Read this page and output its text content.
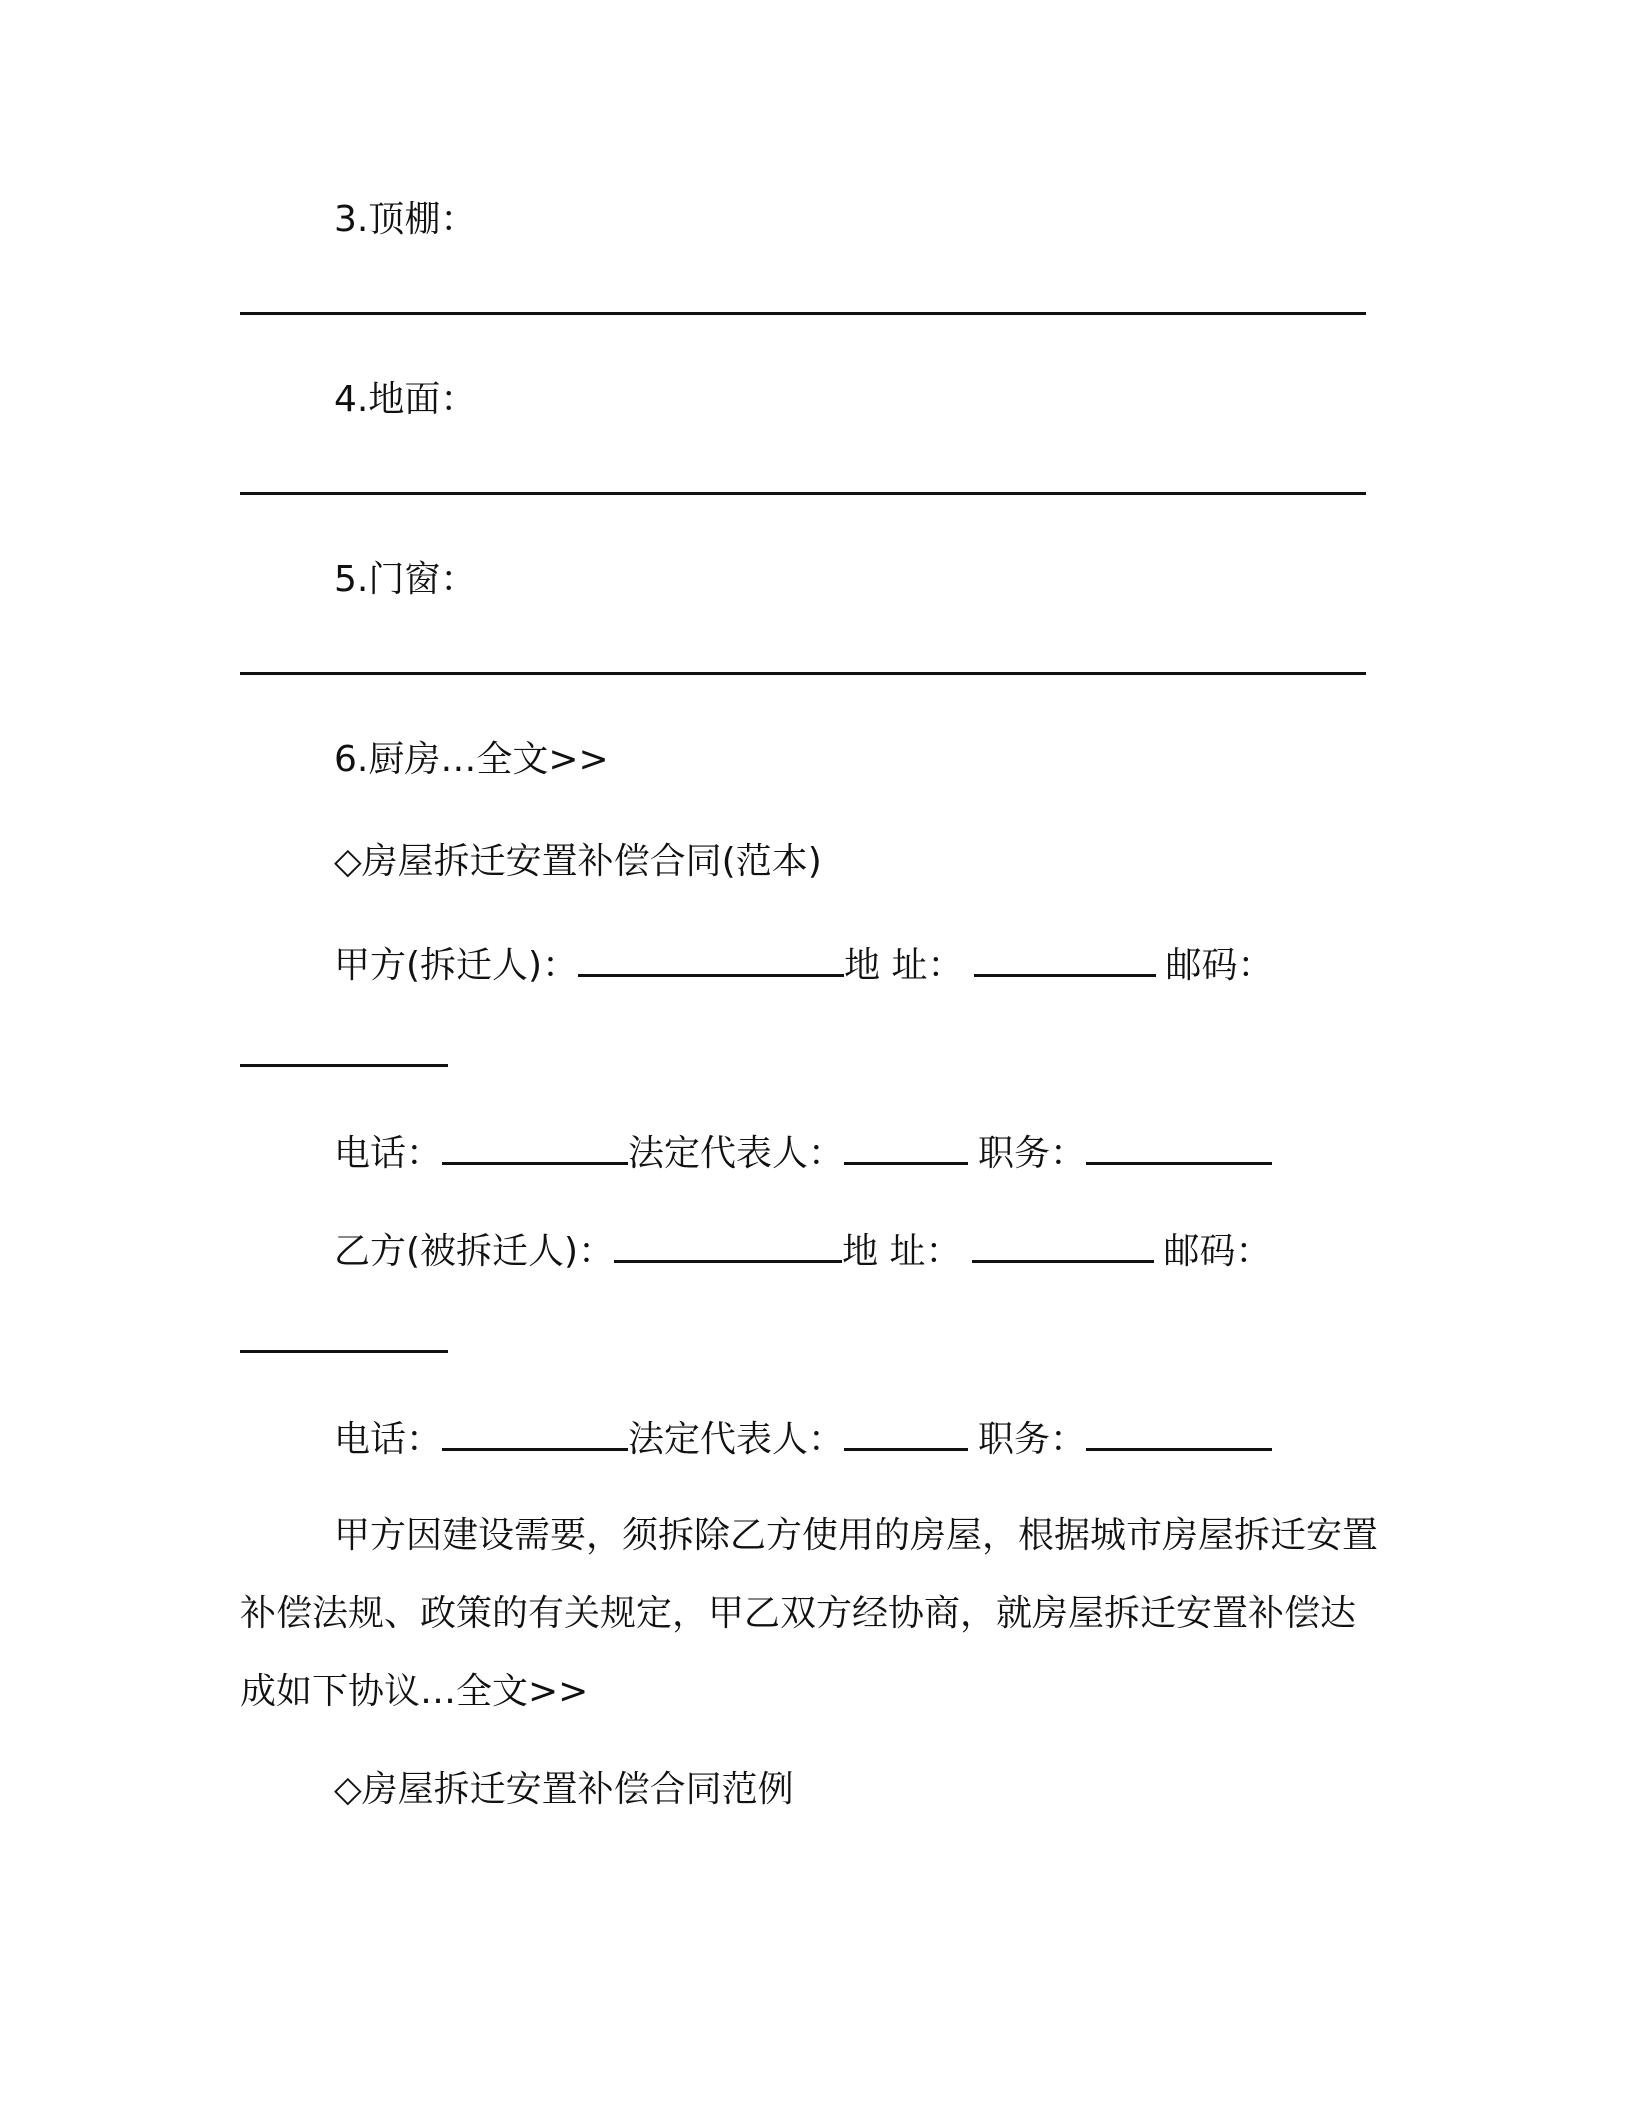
3.顶棚：
4.地面：
5.门窗：
6.厨房…全文>>
◇房屋拆迁安置补偿合同(范本)
甲方(拆迁人)：	地 址：	邮码：
电话：	法定代表人：	职务：
乙方(被拆迁人)：	地 址：	邮码：
电话：	法定代表人：	职务：
甲方因建设需要，须拆除乙方使用的房屋，根据城市房屋拆迁安置补偿法规、政策的有关规定，甲乙双方经协商，就房屋拆迁安置补偿达成如下协议…全文>>
◇房屋拆迁安置补偿合同范例
